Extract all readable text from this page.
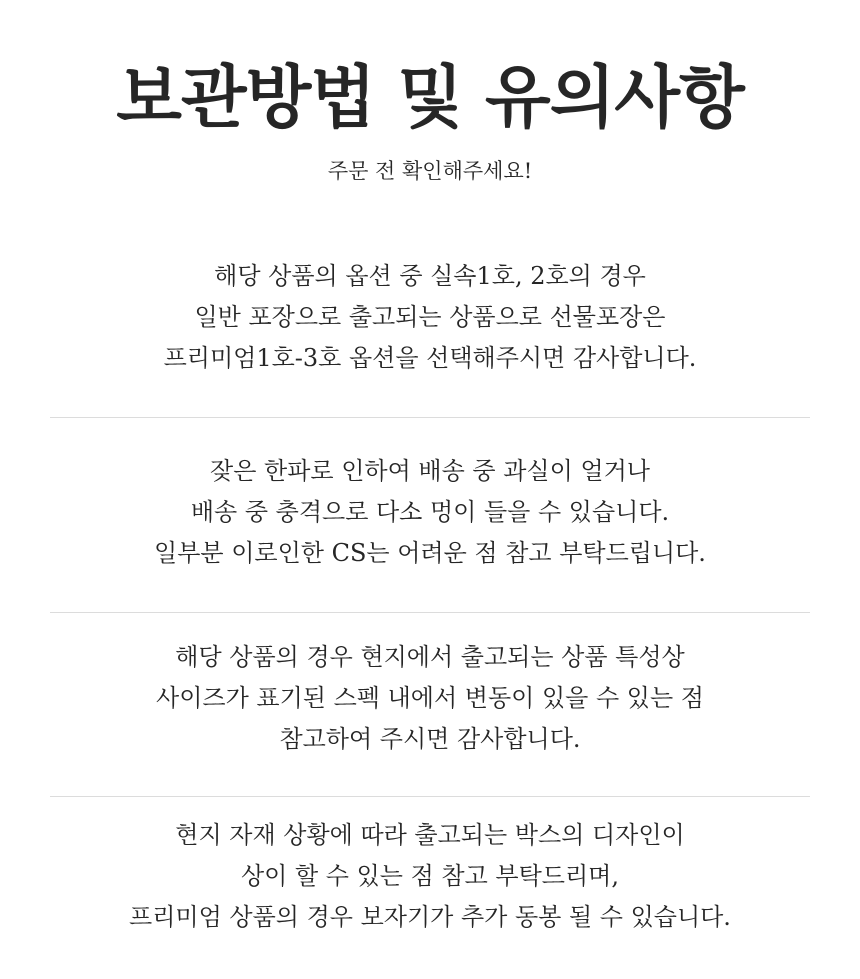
보관방법 및 유의사항

주문 전 확인해주세요!

해당 상품의 옵션 중 실속1호, 2호의 경우
일반 포장으로 출고되는 상품으로 선물포장은
프리미엄1호-3호 옵션을 선택해주시면 감사합니다.
잦은 한파로 인하여 배송 중 과실이 얼거나
배송 중 충격으로 다소 멍이 들을 수 있습니다.
일부분 이로인한 CS는 어려운 점 참고 부탁드립니다.
해당 상품의 경우 현지에서 출고되는 상품 특성상
사이즈가 표기된 스펙 내에서 변동이 있을 수 있는 점
참고하여 주시면 감사합니다.
현지 자재 상황에 따라 출고되는 박스의 디자인이
상이 할 수 있는 점 참고 부탁드리며,
프리미엄 상품의 경우 보자기가 추가 동봉 될 수 있습니다.
